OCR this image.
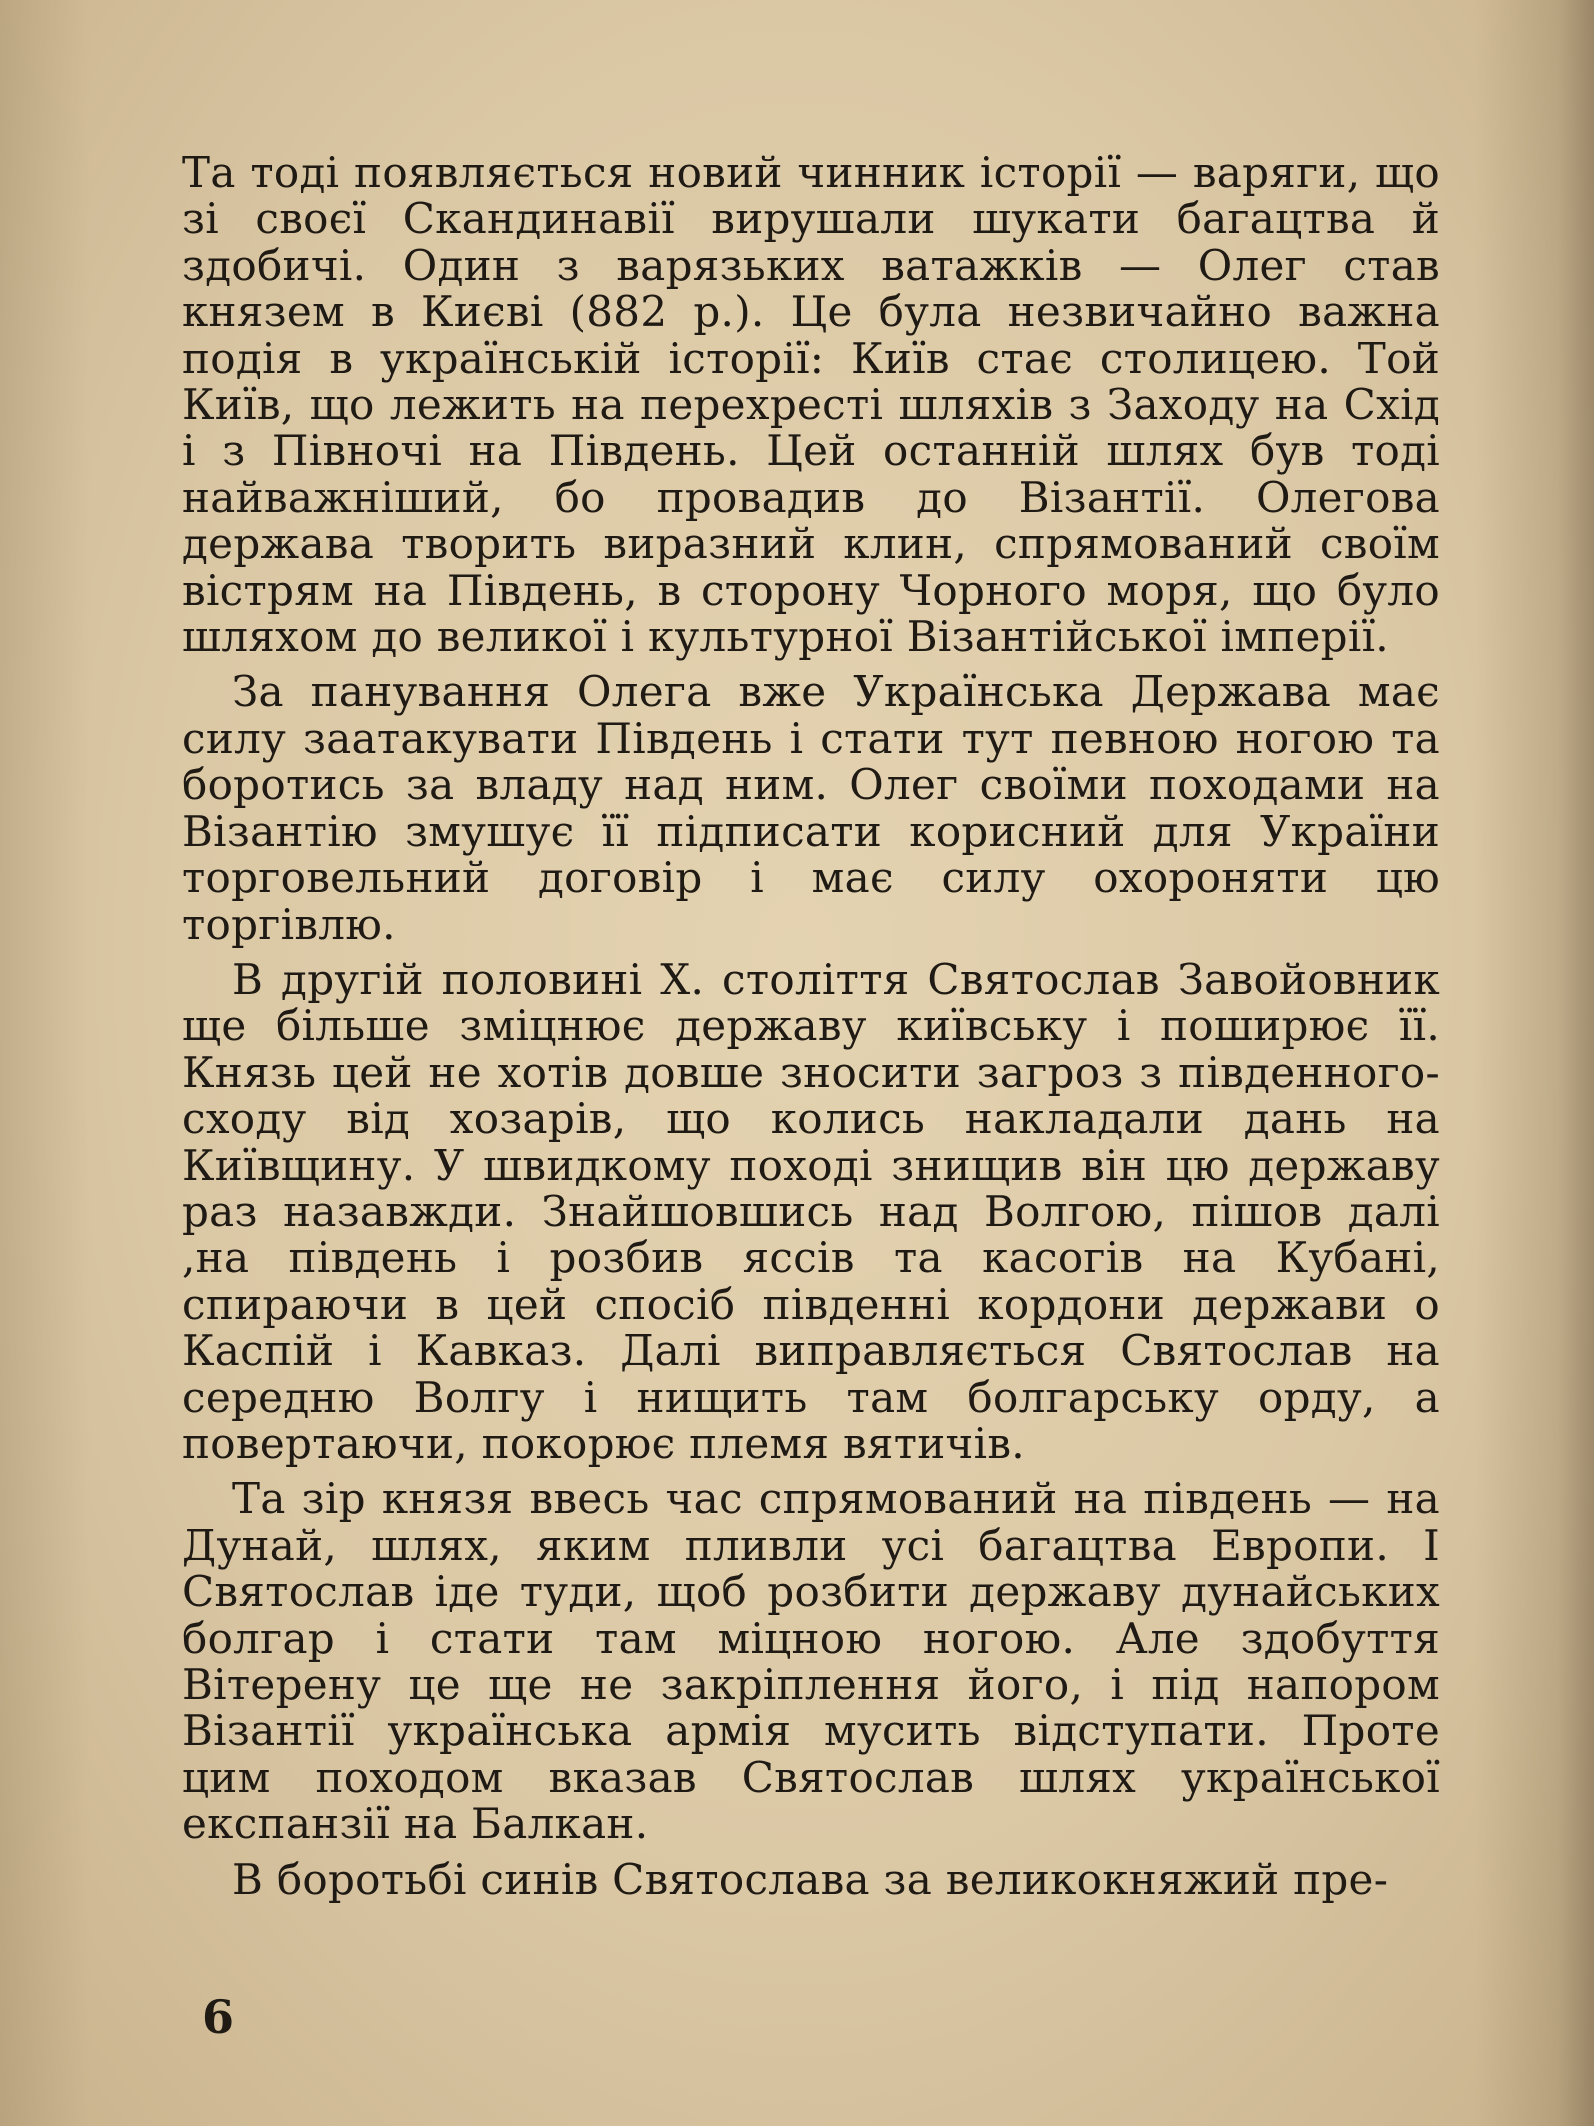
Та тоді появляється новий чинник історії — варяги, що зі своєї Скандинавії вирушали шукати багацтва й здобичі. Один з варязьких ватажків — Олег став князем в Києві (882 р.). Це була незвичайно важна подія в українській історії: Київ стає столицею. Той Київ, що лежить на перехресті шляхів з Заходу на Схід і з Півночі на Південь. Цей останній шлях був тоді найважніший, бо провадив до Візантії. Олегова держава творить виразний клин, спрямований своїм вістрям на Південь, в сторону Чорного моря, що було шляхом до великої і культурної Візантійської імперії.

За панування Олега вже Українська Держава має силу заатакувати Південь і стати тут певною ногою та боротись за владу над ним. Олег своїми походами на Візантію змушує її підписати корисний для України торговельний договір і має силу охороняти цю торгівлю.

В другій половині Х. століття Святослав Завойовник ще більше зміцнює державу київську і поширює її. Князь цей не хотів довше зносити загроз з південного-сходу від хозарів, що колись накладали дань на Київщину. У швидкому поході знищив він цю державу раз назавжди. Знайшовшись над Волгою, пішов далі ,на південь і розбив яссів та касогів на Кубані, спираючи в цей спосіб південні кордони держави о Каспій і Кавказ. Далі виправляється Святослав на середню Волгу і нищить там болгарську орду, а повертаючи, покорює племя вятичів.

Та зір князя ввесь час спрямований на південь — на Дунай, шлях, яким пливли усі багацтва Европи. І Святослав іде туди, щоб розбити державу дунайських болгар і стати там міцною ногою. Але здобуття Вітерену це ще не закріплення його, і під напором Візантії українська армія мусить відступати. Проте цим походом вказав Святослав шлях української експанзії на Балкан.

В боротьбі синів Святослава за великокняжий пре-

6
